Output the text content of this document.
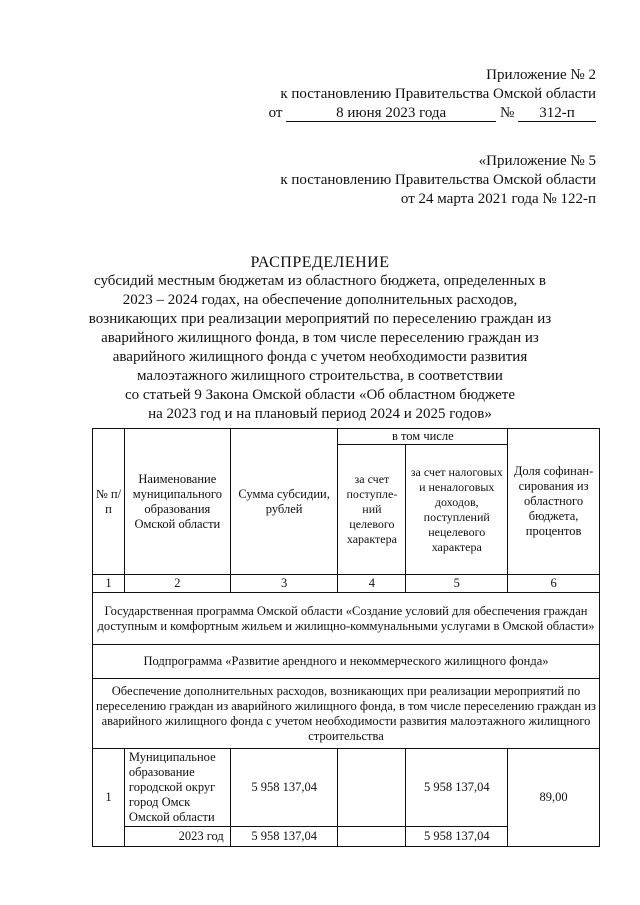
Приложение № 2
к постановлению Правительства Омской области
от	8 июня 2023 года	№ 312-п
«Приложение № 5
к постановлению Правительства Омской области
от 24 марта 2021 года № 122-п
РАСПРЕДЕЛЕНИЕ
субсидий местным бюджетам из областного бюджета, определенных в
2023 – 2024 годах, на обеспечение дополнительных расходов,
возникающих при реализации мероприятий по переселению граждан из
аварийного жилищного фонда, в том числе переселению граждан из
аварийного жилищного фонда с учетом необходимости развития
малоэтажного жилищного строительства, в соответствии
со статьей 9 Закона Омской области «Об областном бюджете
на 2023 год и на плановый период 2024 и 2025 годов»
№ п/п	Наименование муниципального образования Омской области	Сумма субсидии, рублей	в том числе		Доля софинан-сирования из областного бюджета, процентов
			за счет поступле-ний целевого характера	за счет налоговых и неналоговых доходов, поступлений нецелевого характера	
1	2	3	4	5	6
Государственная программа Омской области «Создание условий для обеспечения граждан доступным и комфортным жильем и жилищно-коммунальными услугами в Омской области»					
Подпрограмма «Развитие арендного и некоммерческого жилищного фонда»					
Обеспечение дополнительных расходов, возникающих при реализации мероприятий по переселению граждан из аварийного жилищного фонда, в том числе переселению граждан из аварийного жилищного фонда с учетом необходимости развития малоэтажного жилищного строительства					
1	Муниципальное образование городской округ город Омск Омской области	5 958 137,04		5 958 137,04	89,00
	2023 год	5 958 137,04		5 958 137,04	
